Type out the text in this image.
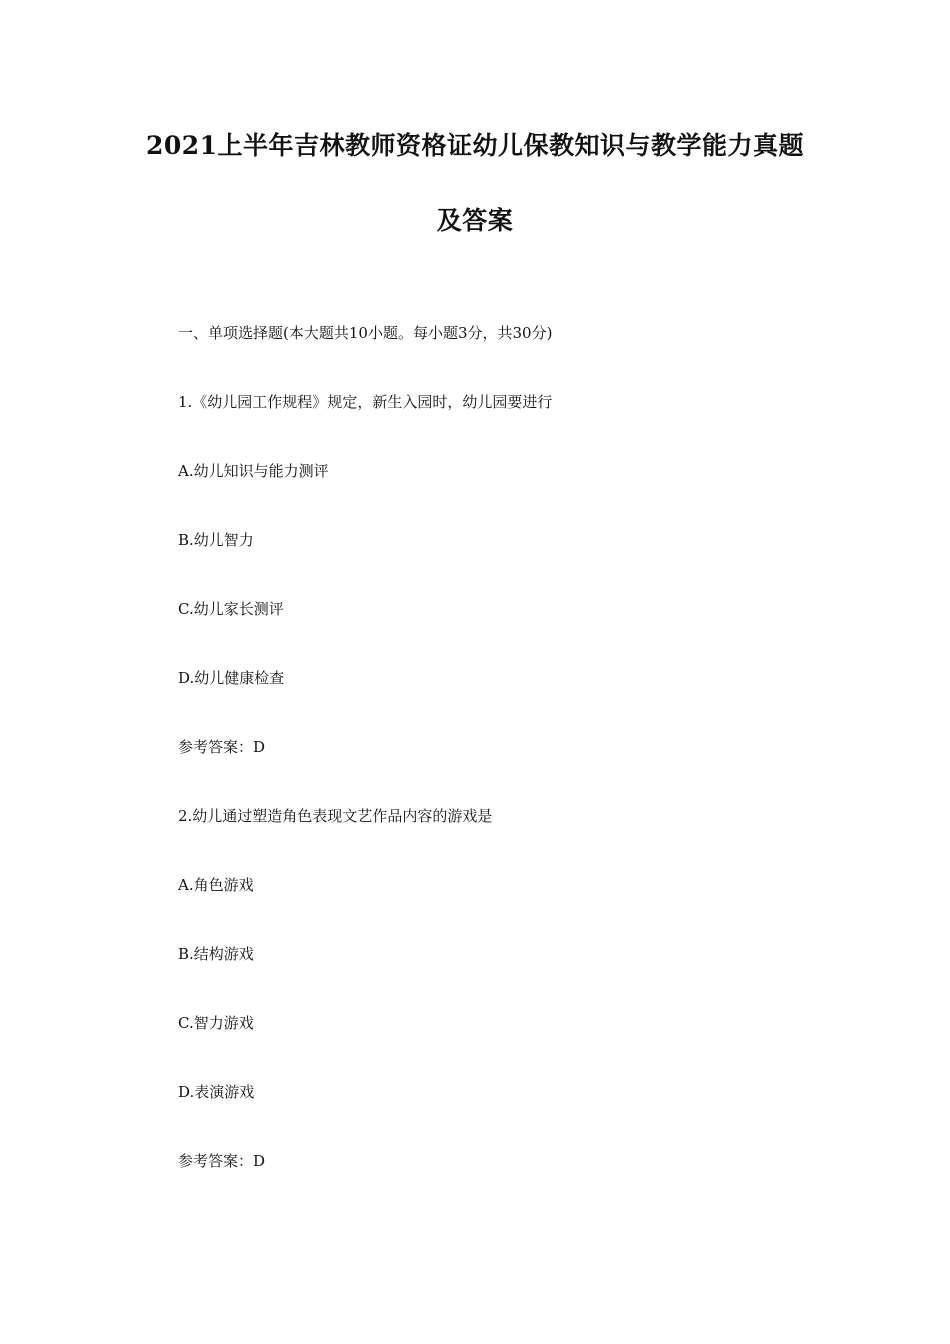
2021上半年吉林教师资格证幼儿保教知识与教学能力真题
及答案
一、单项选择题(本大题共10小题。每小题3分，共30分)
1.《幼儿园工作规程》规定，新生入园时，幼儿园要进行
A.幼儿知识与能力测评
B.幼儿智力
C.幼儿家长测评
D.幼儿健康检查
参考答案：D
2.幼儿通过塑造角色表现文艺作品内容的游戏是
A.角色游戏
B.结构游戏
C.智力游戏
D.表演游戏
参考答案：D
